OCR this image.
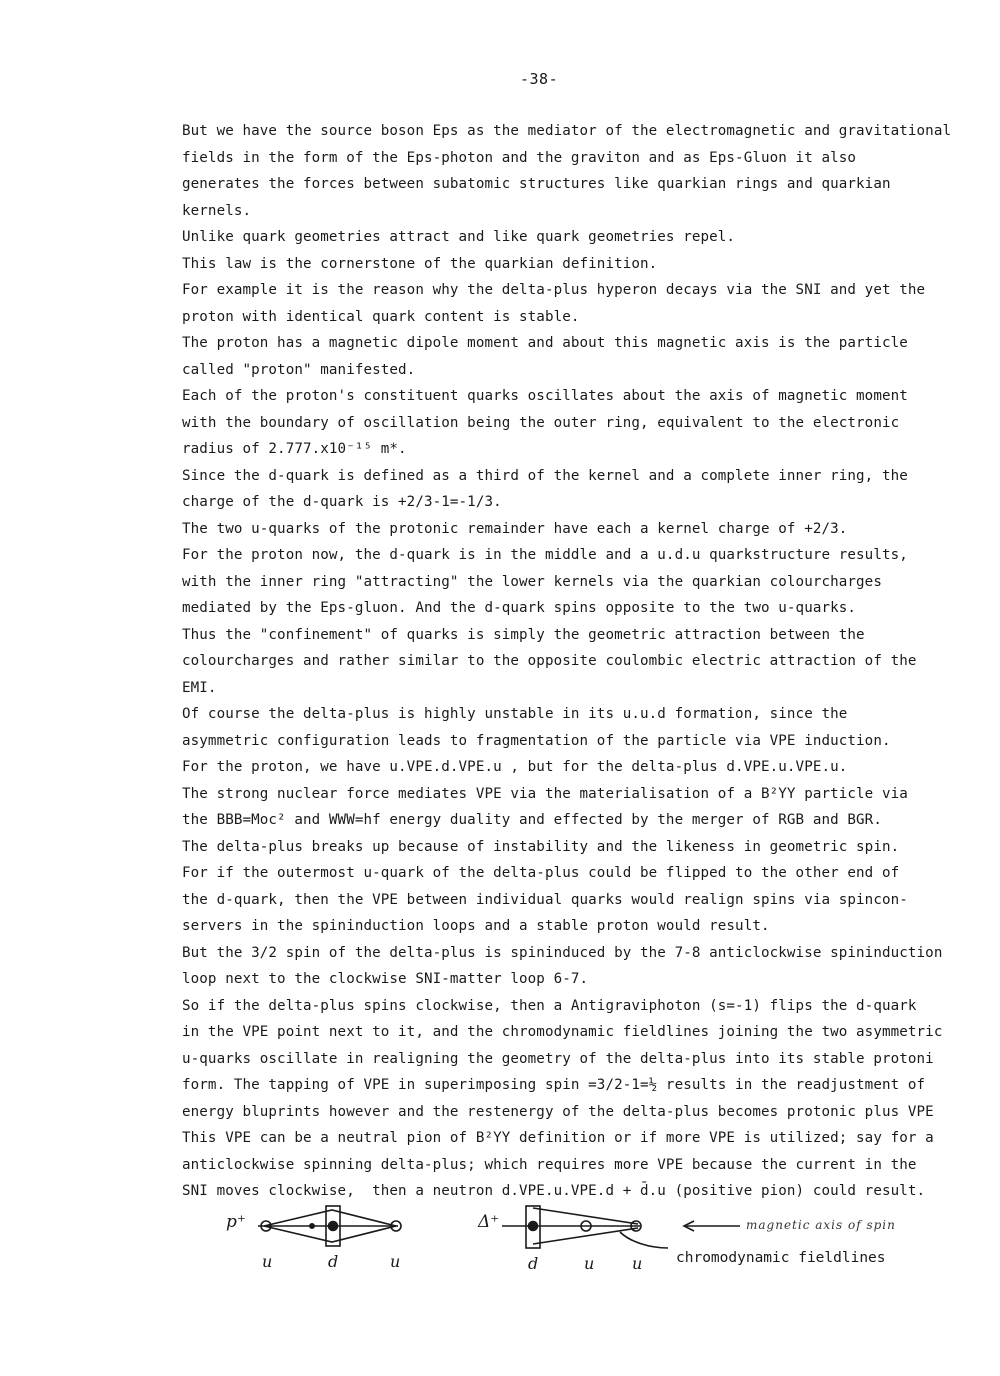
-38-
But we have the source boson Eps as the mediator of the electromagnetic and gravitational
fields in the form of the Eps-photon and the graviton and as Eps-Gluon it also
generates the forces between subatomic structures like quarkian rings and quarkian
kernels.
Unlike quark geometries attract and like quark geometries repel.
This law is the cornerstone of the quarkian definition.
For example it is the reason why the delta-plus hyperon decays via the SNI and yet the
proton with identical quark content is stable.
The proton has a magnetic dipole moment and about this magnetic axis is the particle
called "proton" manifested.
Each of the proton's constituent quarks oscillates about the axis of magnetic moment
with the boundary of oscillation being the outer ring, equivalent to the electronic
radius of 2.777.x10⁻¹⁵ m*.
Since the d-quark is defined as a third of the kernel and a complete inner ring, the
charge of the d-quark is +2/3-1=-1/3.
The two u-quarks of the protonic remainder have each a kernel charge of +2/3.
For the proton now, the d-quark is in the middle and a u.d.u quarkstructure results,
with the inner ring "attracting" the lower kernels via the quarkian colourcharges
mediated by the Eps-gluon. And the d-quark spins opposite to the two u-quarks.
Thus the "confinement" of quarks is simply the geometric attraction between the
colourcharges and rather similar to the opposite coulombic electric attraction of the
EMI.
Of course the delta-plus is highly unstable in its u.u.d formation, since the
asymmetric configuration leads to fragmentation of the particle via VPE induction.
For the proton, we have u.VPE.d.VPE.u , but for the delta-plus d.VPE.u.VPE.u.
The strong nuclear force mediates VPE via the materialisation of a B²YY particle via
the BBB=Moc² and WWW=hf energy duality and effected by the merger of RGB and BGR.
The delta-plus breaks up because of instability and the likeness in geometric spin.
For if the outermost u-quark of the delta-plus could be flipped to the other end of
the d-quark, then the VPE between individual quarks would realign spins via spincon-
servers in the spininduction loops and a stable proton would result.
But the 3/2 spin of the delta-plus is spininduced by the 7-8 anticlockwise spininduction
loop next to the clockwise SNI-matter loop 6-7.
So if the delta-plus spins clockwise, then a Antigraviphoton (s=-1) flips the d-quark
in the VPE point next to it, and the chromodynamic fieldlines joining the two asymmetric
u-quarks oscillate in realigning the geometry of the delta-plus into its stable protoni
form. The tapping of VPE in superimposing spin =3/2-1=½ results in the readjustment of
energy bluprints however and the restenergy of the delta-plus becomes protonic plus VPE
This VPE can be a neutral pion of B²YY definition or if more VPE is utilized; say for a
anticlockwise spinning delta-plus; which requires more VPE because the current in the
SNI moves clockwise,  then a neutron d.VPE.u.VPE.d + d̄.u (positive pion) could result.
p⁺
u	d	u
Δ⁺
d	u u
magnetic axis of spin
chromodynamic fieldlines
